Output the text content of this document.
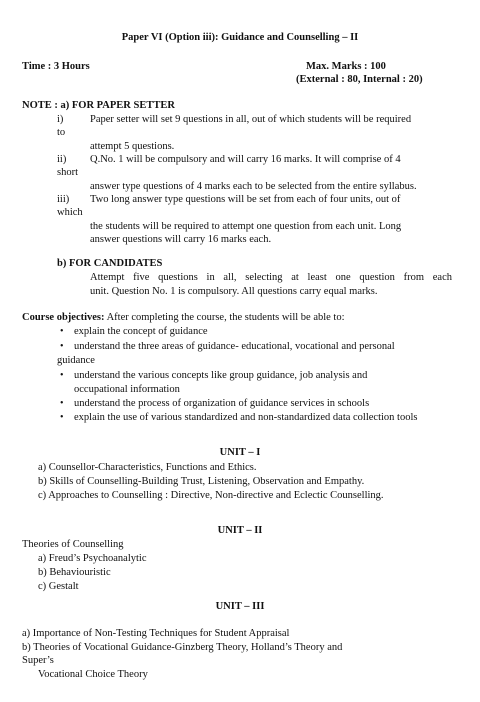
Paper VI (Option iii): Guidance and Counselling – II
Time : 3 Hours	Max. Marks : 100
(External : 80, Internal : 20)
NOTE : a) FOR PAPER SETTER
i)	Paper setter will set 9 questions in all, out of which students will be required
to
attempt 5 questions.
ii) Q.No. 1 will be compulsory and will carry 16 marks. It will comprise of 4
short
answer type questions of 4 marks each to be selected from the entire syllabus.
iii) Two long answer type questions will be set from each of four units, out of
which
the students will be required to attempt one question from each unit. Long
answer questions will carry 16 marks each.
b) FOR CANDIDATES
Attempt five questions in all, selecting at least one question from each
unit. Question No. 1 is compulsory. All questions carry equal marks.
Course objectives: After completing the course, the students will be able to:
• explain the concept of guidance
• understand the three areas of guidance- educational, vocational and personal
guidance
• understand the various concepts like group guidance, job analysis and
occupational information
• understand the process of organization of guidance services in schools
• explain the use of various standardized and non-standardized data collection tools
UNIT – I
a) Counsellor-Characteristics, Functions and Ethics.
b) Skills of Counselling-Building Trust, Listening, Observation and Empathy.
c) Approaches to Counselling : Directive, Non-directive and Eclectic Counselling.
UNIT – II
Theories of Counselling
a) Freud’s Psychoanalytic
b) Behaviouristic
c) Gestalt
UNIT – III
a) Importance of Non-Testing Techniques for Student Appraisal
b) Theories of Vocational Guidance-Ginzberg Theory, Holland’s Theory and
Super’s
Vocational Choice Theory
